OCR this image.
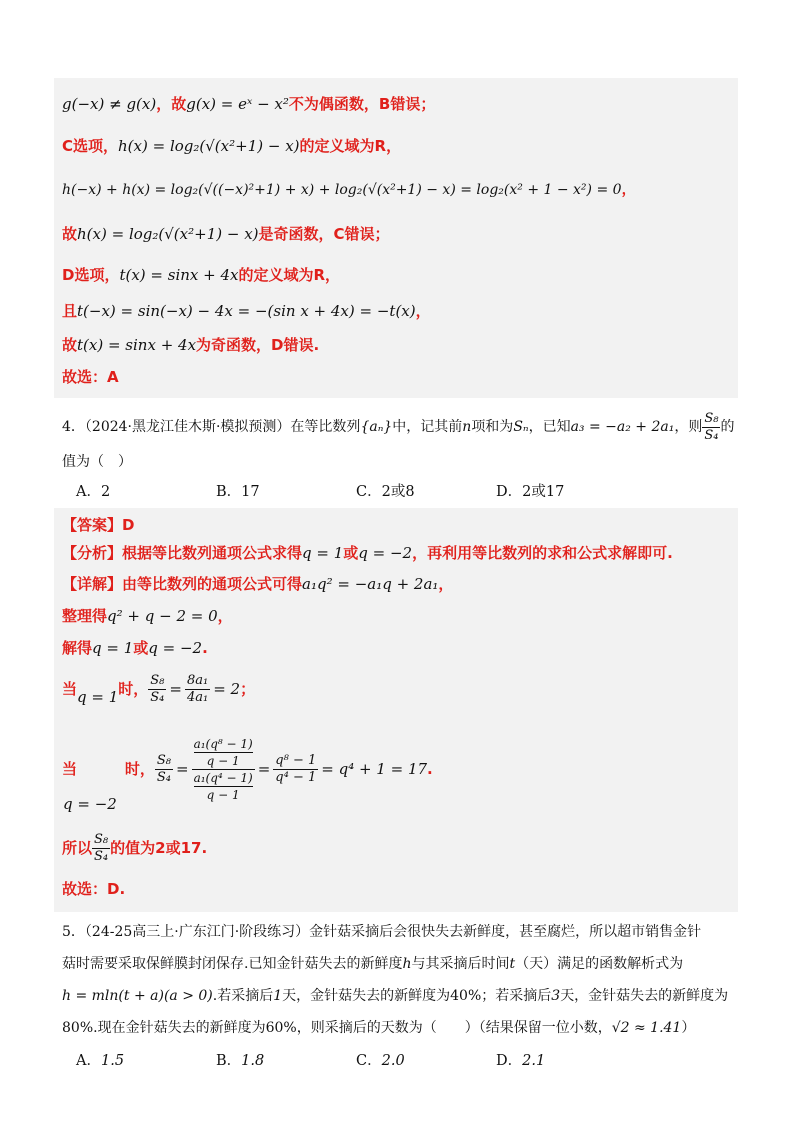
g(−x) ≠ g(x)，故g(x) = eˣ − x²不为偶函数，B错误；
C选项，h(x) = log₂(√(x²+1) − x)的定义域为R，
h(−x) + h(x) = log₂(√((−x)²+1) + x) + log₂(√(x²+1) − x) = log₂(x² + 1 − x²) = 0，
故h(x) = log₂(√(x²+1) − x)是奇函数，C错误；
D选项，t(x) = sinx + 4x的定义域为R，
且t(−x) = sin(−x) − 4x = −(sin x + 4x) = −t(x)，
故t(x) = sinx + 4x为奇函数，D错误.
故选：A
4．（2024·黑龙江佳木斯·模拟预测）在等比数列{aₙ}中，记其前n项和为Sₙ，已知a₃ = −a₂ + 2a₁，则 $\frac{\text{S₈}}{\text{S₄}}$ 的
值为（　）
A．2	B．17	C．2或8	D．2或17
【答案】D
【分析】根据等比数列通项公式求得q = 1或q = −2，再利用等比数列的求和公式求解即可.
【详解】由等比数列的通项公式可得a₁q² = −a₁q + 2a₁，
整理得q² + q − 2 = 0，
解得q = 1或q = −2.
当 q = 1 时， $\frac{\text{S₈}}{\text{S₄}} = \frac{\text{8a₁}}{\text{4a₁}} = 2$ ；
当
q = −2
时， $\frac{\text{S₈}}{\text{S₄}} = a_1(q^8 - 1)$
q − 1
a₁(q⁴ − 1)
$q - 1 = \frac{\text{q⁸ − 1}}{\text{q⁴ − 1}} = q^4 + 1 = 17$ .
所以 $\frac{\text{S₈}}{\text{S₄}}$ 的值为2或17.
故选：D.
5．（24-25高三上·广东江门·阶段练习）金针菇采摘后会很快失去新鲜度，甚至腐烂，所以超市销售金针
菇时需要采取保鲜膜封闭保存.已知金针菇失去的新鲜度h与其采摘后时间t（天）满足的函数解析式为
h = mln(t + a)(a > 0).若采摘后1天，金针菇失去的新鲜度为40%；若采摘后3天，金针菇失去的新鲜度为
80%.现在金针菇失去的新鲜度为60%，则采摘后的天数为（　　）（结果保留一位小数，√2 ≈ 1.41）
A．1.5	B．1.8	C．2.0	D．2.1
